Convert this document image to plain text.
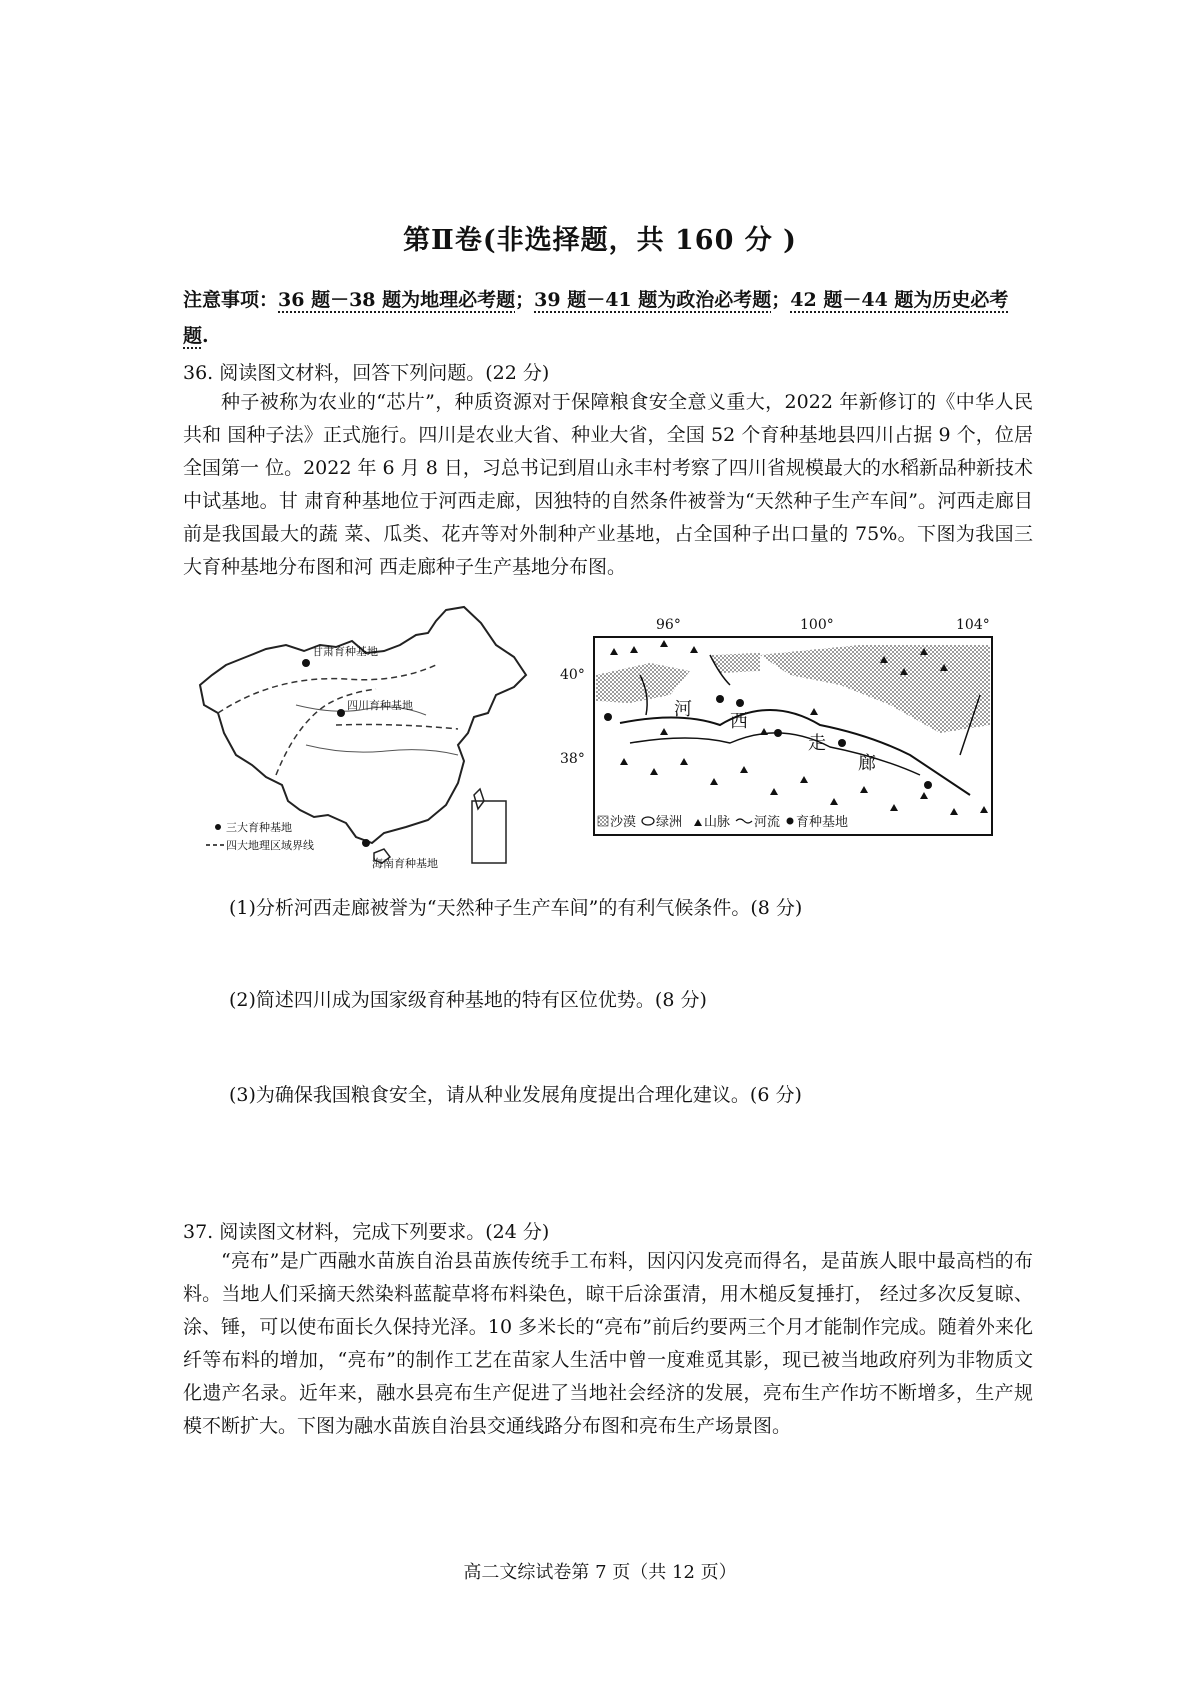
第Ⅱ卷(非选择题，共 160 分 )
注意事项：36 题－38 题为地理必考题；39 题－41 题为政治必考题；42 题－44 题为历史必考题.
36. 阅读图文材料，回答下列问题。(22 分)
种子被称为农业的“芯片”，种质资源对于保障粮食安全意义重大，2022 年新修订的《中华人民共和 国种子法》正式施行。四川是农业大省、种业大省，全国 52 个育种基地县四川占据 9 个，位居全国第一 位。2022 年 6 月 8 日，习总书记到眉山永丰村考察了四川省规模最大的水稻新品种新技术中试基地。甘 肃育种基地位于河西走廊，因独特的自然条件被誉为“天然种子生产车间”。河西走廊目前是我国最大的蔬 菜、瓜类、花卉等对外制种产业基地，占全国种子出口量的 75%。下图为我国三大育种基地分布图和河 西走廊种子生产基地分布图。
甘肃育种基地
四川育种基地
海南育种基地
三大育种基地
四大地理区域界线
96°	100°	104°
40°
38°
河
西
走
廊
沙漠 绿洲 山脉 河流 育种基地
(1)分析河西走廊被誉为“天然种子生产车间”的有利气候条件。(8 分)
(2)简述四川成为国家级育种基地的特有区位优势。(8 分)
(3)为确保我国粮食安全，请从种业发展角度提出合理化建议。(6 分)
37. 阅读图文材料，完成下列要求。(24 分)
“亮布”是广西融水苗族自治县苗族传统手工布料，因闪闪发亮而得名，是苗族人眼中最高档的布料。当地人们采摘天然染料蓝靛草将布料染色，晾干后涂蛋清，用木槌反复捶打， 经过多次反复晾、涂、锤，可以使布面长久保持光泽。10 多米长的“亮布”前后约要两三个月才能制作完成。随着外来化纤等布料的增加，“亮布”的制作工艺在苗家人生活中曾一度难觅其影，现已被当地政府列为非物质文化遗产名录。近年来，融水县亮布生产促进了当地社会经济的发展，亮布生产作坊不断增多，生产规模不断扩大。下图为融水苗族自治县交通线路分布图和亮布生产场景图。
高二文综试卷第 7 页（共 12 页）
